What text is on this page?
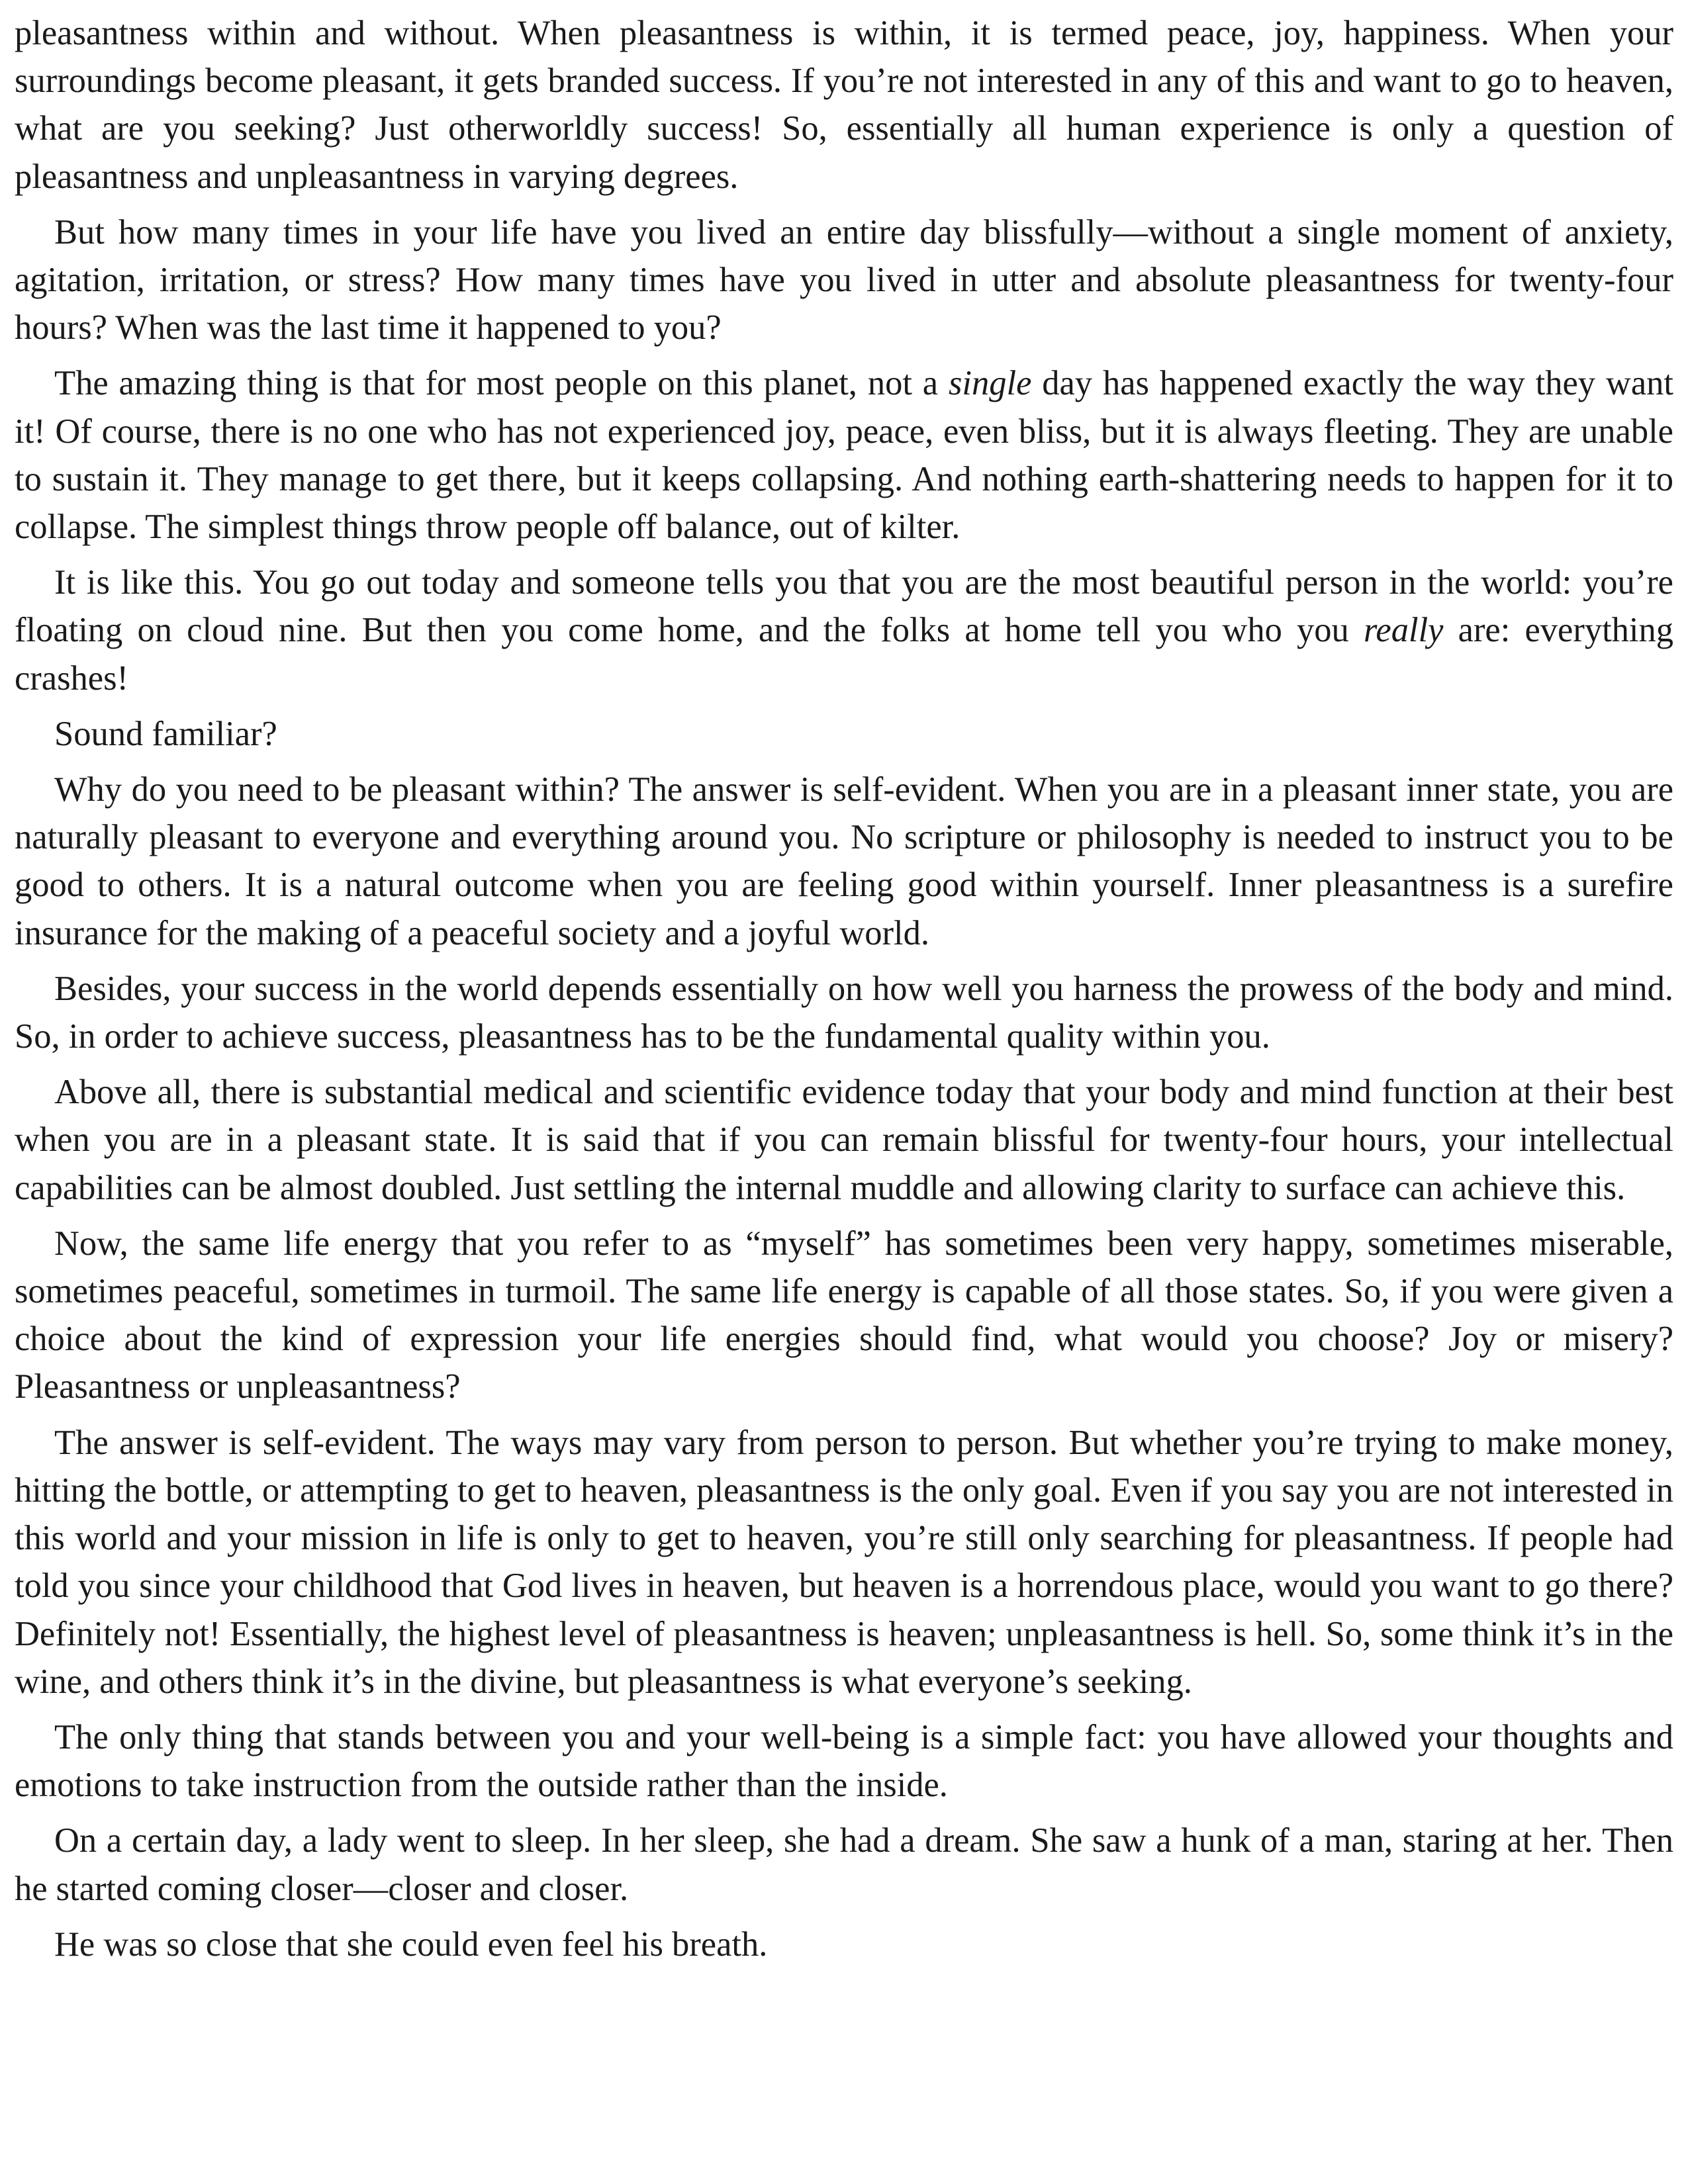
pleasantness within and without. When pleasantness is within, it is termed peace, joy, happiness. When your surroundings become pleasant, it gets branded success. If you’re not interested in any of this and want to go to heaven, what are you seeking? Just otherworldly success! So, essentially all human experience is only a question of pleasantness and unpleasantness in varying degrees.

But how many times in your life have you lived an entire day blissfully—without a single moment of anxiety, agitation, irritation, or stress? How many times have you lived in utter and absolute pleasantness for twenty-four hours? When was the last time it happened to you?

The amazing thing is that for most people on this planet, not a single day has happened exactly the way they want it! Of course, there is no one who has not experienced joy, peace, even bliss, but it is always fleeting. They are unable to sustain it. They manage to get there, but it keeps collapsing. And nothing earth-shattering needs to happen for it to collapse. The simplest things throw people off balance, out of kilter.

It is like this. You go out today and someone tells you that you are the most beautiful person in the world: you’re floating on cloud nine. But then you come home, and the folks at home tell you who you really are: everything crashes!

Sound familiar?

Why do you need to be pleasant within? The answer is self-evident. When you are in a pleasant inner state, you are naturally pleasant to everyone and everything around you. No scripture or philosophy is needed to instruct you to be good to others. It is a natural outcome when you are feeling good within yourself. Inner pleasantness is a surefire insurance for the making of a peaceful society and a joyful world.

Besides, your success in the world depends essentially on how well you harness the prowess of the body and mind. So, in order to achieve success, pleasantness has to be the fundamental quality within you.

Above all, there is substantial medical and scientific evidence today that your body and mind function at their best when you are in a pleasant state. It is said that if you can remain blissful for twenty-four hours, your intellectual capabilities can be almost doubled. Just settling the internal muddle and allowing clarity to surface can achieve this.

Now, the same life energy that you refer to as “myself” has sometimes been very happy, sometimes miserable, sometimes peaceful, sometimes in turmoil. The same life energy is capable of all those states. So, if you were given a choice about the kind of expression your life energies should find, what would you choose? Joy or misery? Pleasantness or unpleasantness?

The answer is self-evident. The ways may vary from person to person. But whether you’re trying to make money, hitting the bottle, or attempting to get to heaven, pleasantness is the only goal. Even if you say you are not interested in this world and your mission in life is only to get to heaven, you’re still only searching for pleasantness. If people had told you since your childhood that God lives in heaven, but heaven is a horrendous place, would you want to go there? Definitely not! Essentially, the highest level of pleasantness is heaven; unpleasantness is hell. So, some think it’s in the wine, and others think it’s in the divine, but pleasantness is what everyone’s seeking.

The only thing that stands between you and your well-being is a simple fact: you have allowed your thoughts and emotions to take instruction from the outside rather than the inside.

On a certain day, a lady went to sleep. In her sleep, she had a dream. She saw a hunk of a man, staring at her. Then he started coming closer—closer and closer.

He was so close that she could even feel his breath.
